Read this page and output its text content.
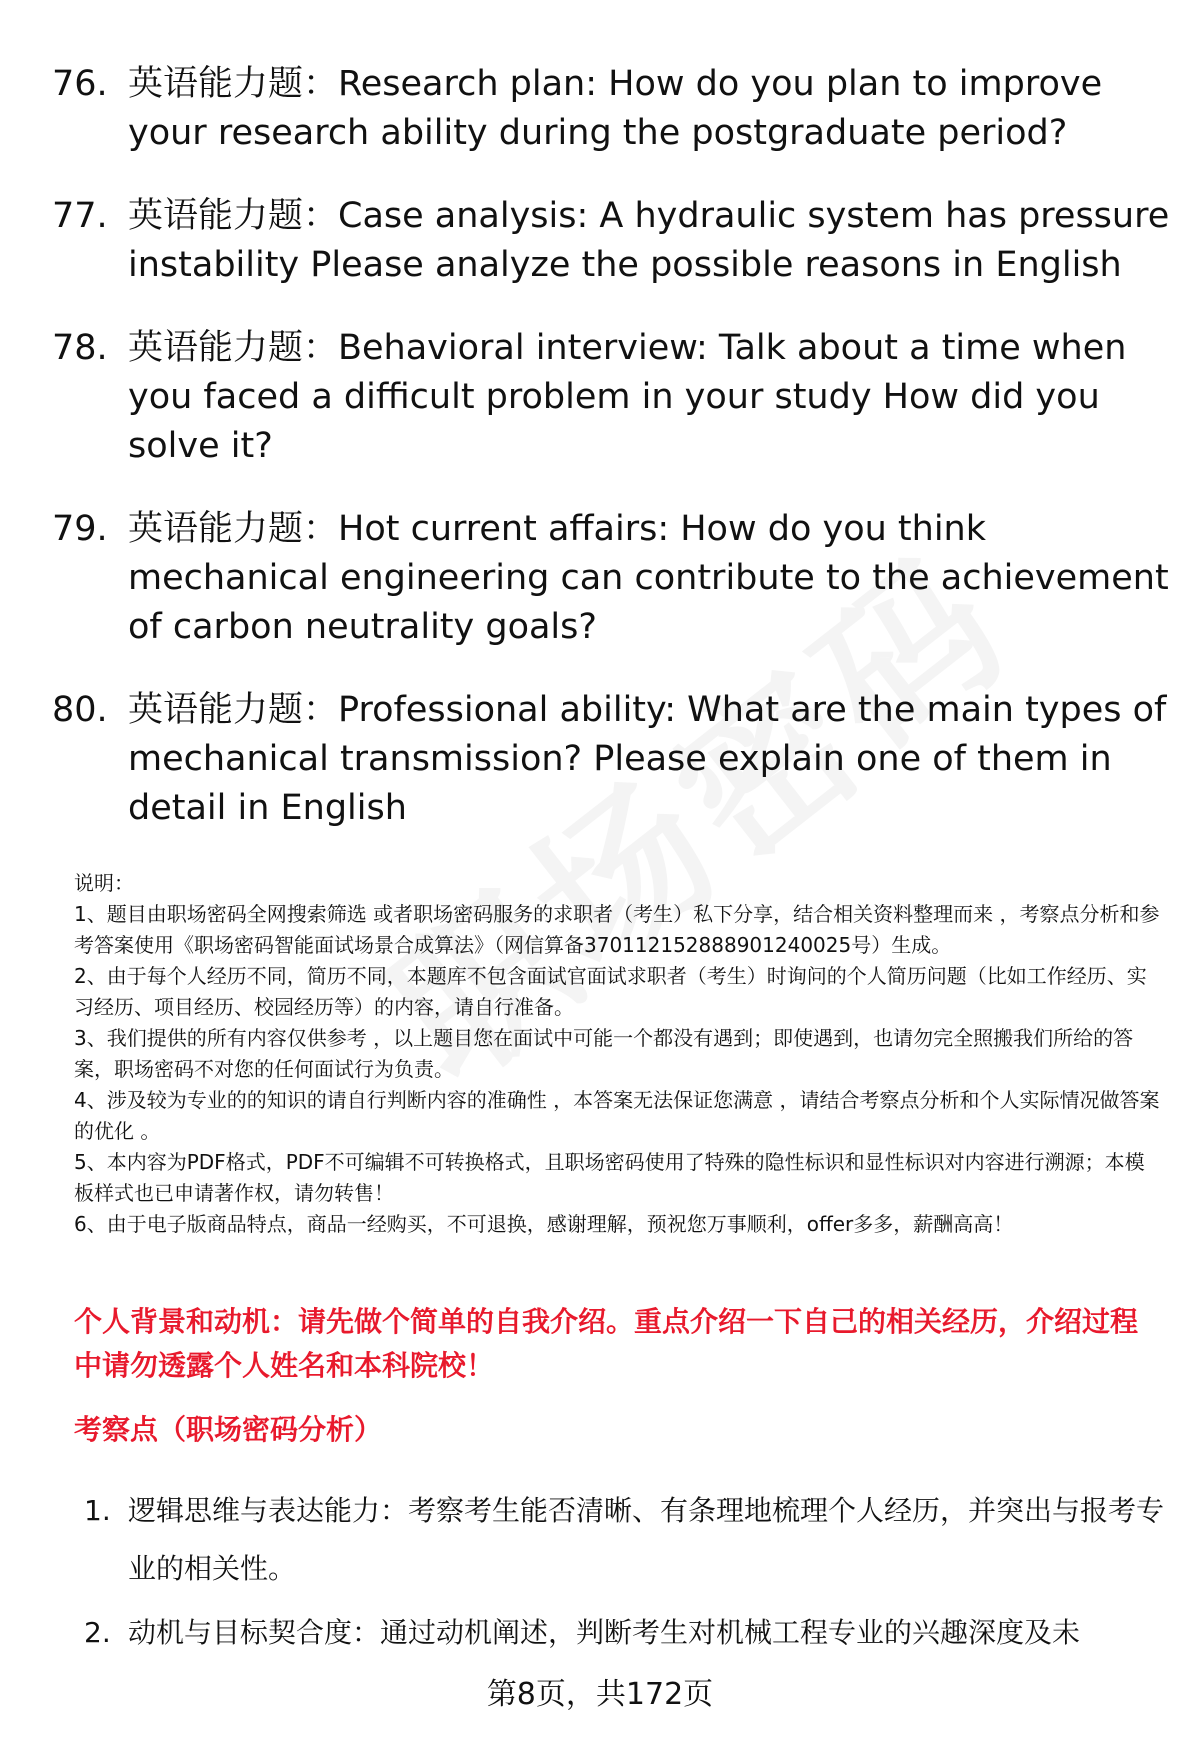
76. 英语能力题：Research plan: How do you plan to improve your research ability during the postgraduate period?
77. 英语能力题：Case analysis: A hydraulic system has pressure instability Please analyze the possible reasons in English
78. 英语能力题：Behavioral interview: Talk about a time when you faced a difficult problem in your study How did you solve it?
79. 英语能力题：Hot current affairs: How do you think mechanical engineering can contribute to the achievement of carbon neutrality goals?
80. 英语能力题：Professional ability: What are the main types of mechanical transmission? Please explain one of them in detail in English

说明：

1、题目由职场密码全网搜索筛选 或者职场密码服务的求职者（考生）私下分享，结合相关资料整理而来 ，考察点分析和参考答案使用《职场密码智能面试场景合成算法》（网信算备370112152888901240025号）生成。

2、由于每个人经历不同，简历不同，本题库不包含面试官面试求职者（考生）时询问的个人简历问题（比如工作经历、实习经历、项目经历、校园经历等）的内容，请自行准备。

3、我们提供的所有内容仅供参考 ，以上题目您在面试中可能一个都没有遇到；即使遇到，也请勿完全照搬我们所给的答案，职场密码不对您的任何面试行为负责。

4、涉及较为专业的的知识的请自行判断内容的准确性 ，本答案无法保证您满意 ，请结合考察点分析和个人实际情况做答案的优化 。

5、本内容为PDF格式，PDF不可编辑不可转换格式，且职场密码使用了特殊的隐性标识和显性标识对内容进行溯源；本模板样式也已申请著作权，请勿转售！

6、由于电子版商品特点，商品一经购买，不可退换，感谢理解，预祝您万事顺利，offer多多，薪酬高高！

个人背景和动机：请先做个简单的自我介绍。重点介绍一下自己的相关经历，介绍过程中请勿透露个人姓名和本科院校！
考察点（职场密码分析）
1. 逻辑思维与表达能力：考察考生能否清晰、有条理地梳理个人经历，并突出与报考专业的相关性。
2. 动机与目标契合度：通过动机阐述，判断考生对机械工程专业的兴趣深度及未
第8页，共172页
